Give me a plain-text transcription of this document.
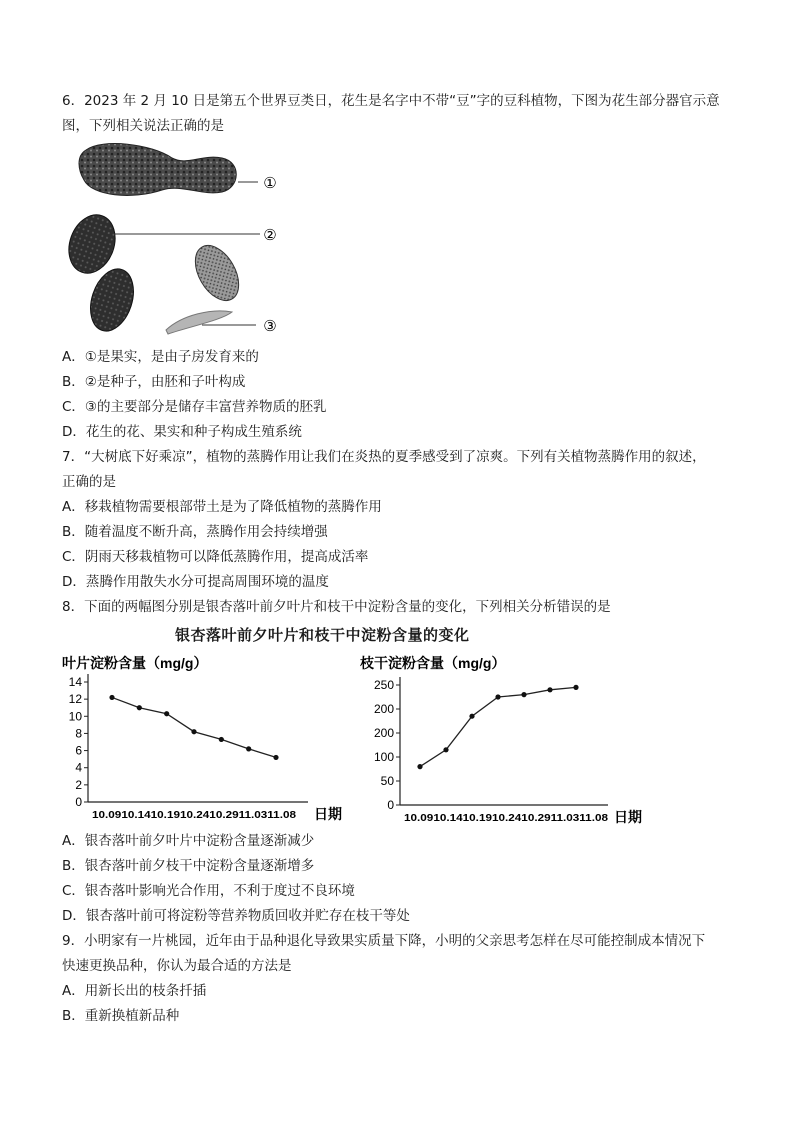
6．2023 年 2 月 10 日是第五个世界豆类日，花生是名字中不带“豆”字的豆科植物，下图为花生部分器官示意
图，下列相关说法正确的是
①
②
③
A．①是果实，是由子房发育来的
B．②是种子，由胚和子叶构成
C．③的主要部分是储存丰富营养物质的胚乳
D．花生的花、果实和种子构成生殖系统
7．“大树底下好乘凉”，植物的蒸腾作用让我们在炎热的夏季感受到了凉爽。下列有关植物蒸腾作用的叙述，
正确的是
A．移栽植物需要根部带土是为了降低植物的蒸腾作用
B．随着温度不断升高，蒸腾作用会持续增强
C．阴雨天移栽植物可以降低蒸腾作用，提高成活率
D．蒸腾作用散失水分可提高周围环境的温度
8．下面的两幅图分别是银杏落叶前夕叶片和枝干中淀粉含量的变化，下列相关分析错误的是
银杏落叶前夕叶片和枝干中淀粉含量的变化
叶片淀粉含量（mg/g）
0
2
4
6
8
10
12
14
10.0910.1410.1910.2410.2911.0311.08 日期
枝干淀粉含量（mg/g）
0
50
100
200
200
250
10.0910.1410.1910.2410.2911.0311.08 日期
A．银杏落叶前夕叶片中淀粉含量逐渐减少
B．银杏落叶前夕枝干中淀粉含量逐渐增多
C．银杏落叶影响光合作用，不利于度过不良环境
D．银杏落叶前可将淀粉等营养物质回收并贮存在枝干等处
9．小明家有一片桃园，近年由于品种退化导致果实质量下降，小明的父亲思考怎样在尽可能控制成本情况下
快速更换品种，你认为最合适的方法是
A．用新长出的枝条扦插
B．重新换植新品种
